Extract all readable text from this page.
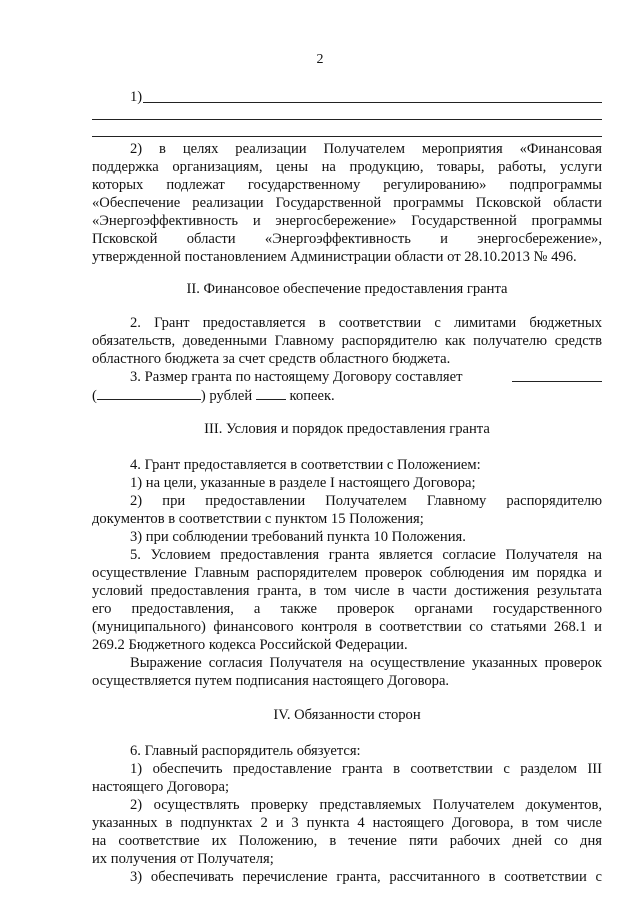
2
1)
2) в целях реализации Получателем мероприятия «Финансовая
поддержка организациям, цены на продукцию, товары, работы, услуги
которых подлежат государственному регулированию» подпрограммы
«Обеспечение реализации Государственной программы Псковской области
«Энергоэффективность и энергосбережение» Государственной программы
Псковской области «Энергоэффективность и энергосбережение»,
утвержденной постановлением Администрации области от 28.10.2013 № 496.
II. Финансовое обеспечение предоставления гранта
2. Грант предоставляется в соответствии с лимитами бюджетных
обязательств, доведенными Главному распорядителю как получателю средств
областного бюджета за счет средств областного бюджета.
3. Размер гранта по настоящему Договору составляет
(	) рублей	копеек.
III. Условия и порядок предоставления гранта
4. Грант предоставляется в соответствии с Положением:
1) на цели, указанные в разделе I настоящего Договора;
2) при предоставлении Получателем Главному распорядителю
документов в соответствии с пунктом 15 Положения;
3) при соблюдении требований пункта 10 Положения.
5. Условием предоставления гранта является согласие Получателя на
осуществление Главным распорядителем проверок соблюдения им порядка и
условий предоставления гранта, в том числе в части достижения результата
его предоставления, а также проверок органами государственного
(муниципального) финансового контроля в соответствии со статьями 268.1 и
269.2 Бюджетного кодекса Российской Федерации.
Выражение согласия Получателя на осуществление указанных проверок
осуществляется путем подписания настоящего Договора.
IV. Обязанности сторон
6. Главный распорядитель обязуется:
1) обеспечить предоставление гранта в соответствии с разделом III
настоящего Договора;
2) осуществлять проверку представляемых Получателем документов,
указанных в подпунктах 2 и 3 пункта 4 настоящего Договора, в том числе
на соответствие их Положению, в течение пяти рабочих дней со дня
их получения от Получателя;
3) обеспечивать перечисление гранта, рассчитанного в соответствии с
